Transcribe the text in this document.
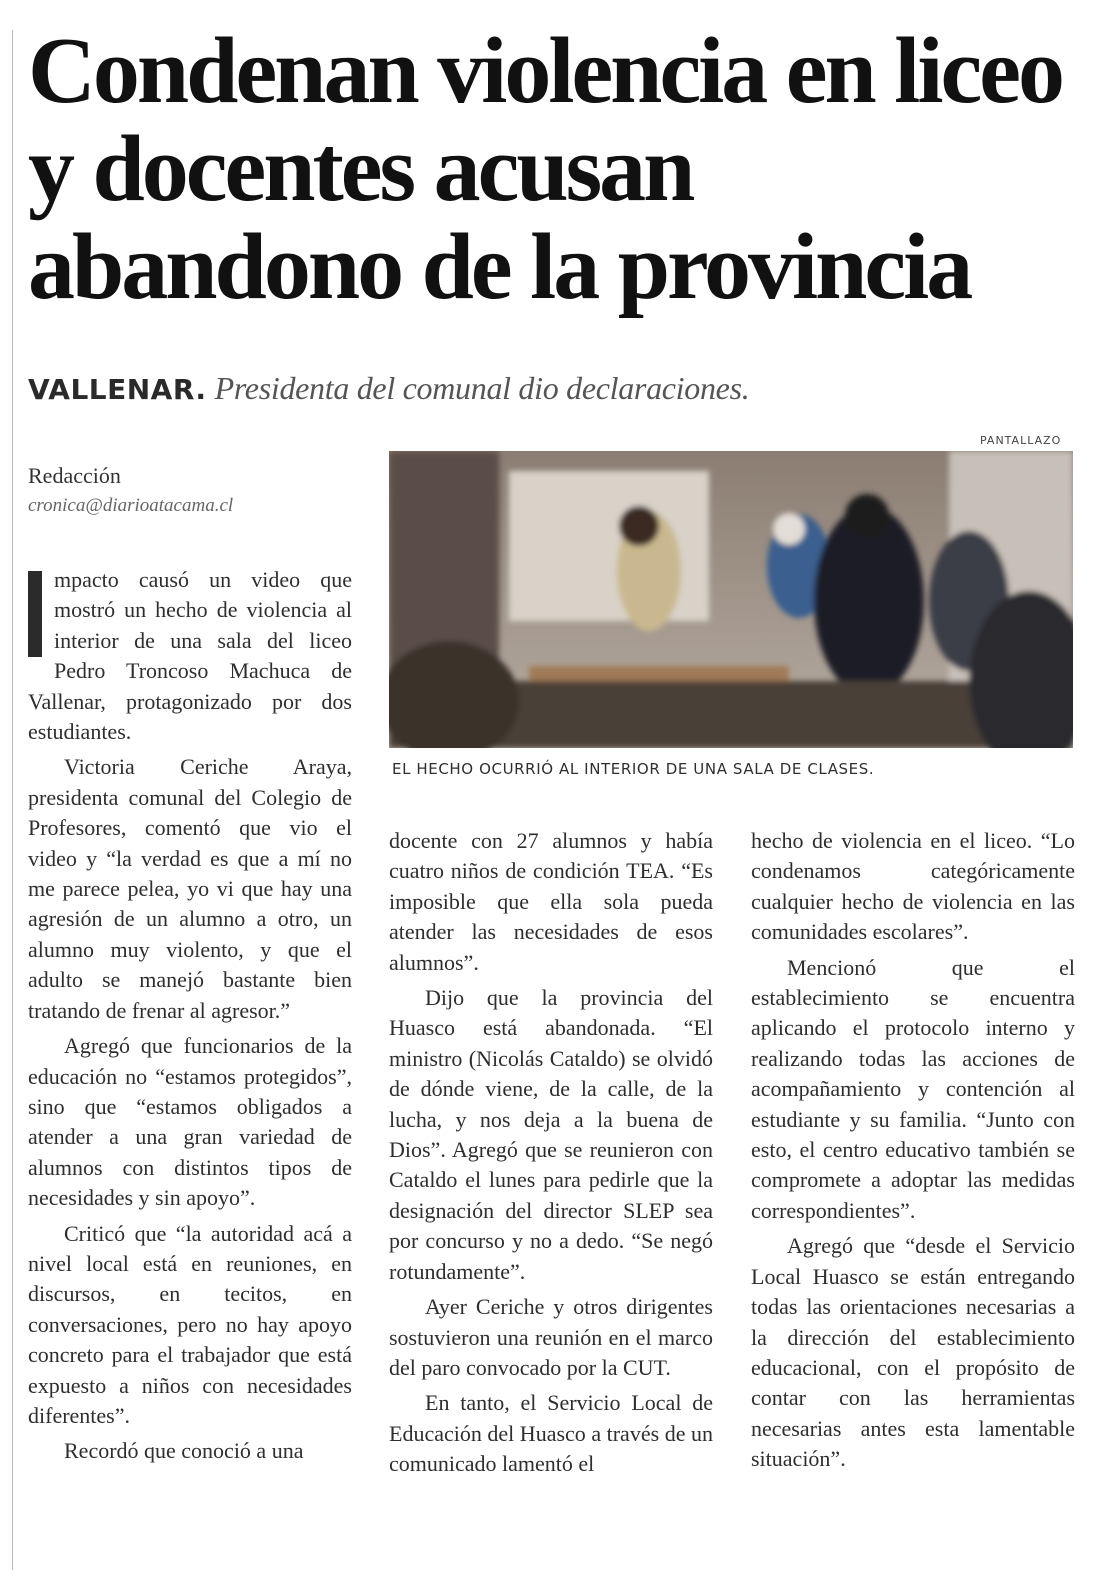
Condenan violencia en liceo y docentes acusan abandono de la provincia
VALLENAR. Presidenta del comunal dio declaraciones.
PANTALLAZO
EL HECHO OCURRIÓ AL INTERIOR DE UNA SALA DE CLASES.
Redacción
cronica@diarioatacama.cl

mpacto causó un video que mostró un hecho de violencia al interior de una sala del liceo Pedro Troncoso Machuca de Vallenar, protagonizado por dos estudiantes.

Victoria Ceriche Araya, presidenta comunal del Colegio de Profesores, comentó que vio el video y “la verdad es que a mí no me parece pelea, yo vi que hay una agresión de un alumno a otro, un alumno muy violento, y que el adulto se manejó bastante bien tratando de frenar al agresor.”

Agregó que funcionarios de la educación no “estamos protegidos”, sino que “estamos obligados a atender a una gran variedad de alumnos con distintos tipos de necesidades y sin apoyo”.

Criticó que “la autoridad acá a nivel local está en reuniones, en discursos, en tecitos, en conversaciones, pero no hay apoyo concreto para el trabajador que está expuesto a niños con necesidades diferentes”.

Recordó que conoció a una

docente con 27 alumnos y había cuatro niños de condición TEA. “Es imposible que ella sola pueda atender las necesidades de esos alumnos”.

Dijo que la provincia del Huasco está abandonada. “El ministro (Nicolás Cataldo) se olvidó de dónde viene, de la calle, de la lucha, y nos deja a la buena de Dios”. Agregó que se reunieron con Cataldo el lunes para pedirle que la designación del director SLEP sea por concurso y no a dedo. “Se negó rotundamente”.

Ayer Ceriche y otros dirigentes sostuvieron una reunión en el marco del paro convocado por la CUT.

En tanto, el Servicio Local de Educación del Huasco a través de un comunicado lamentó el

hecho de violencia en el liceo. “Lo condenamos categóricamente cualquier hecho de violencia en las comunidades escolares”.

Mencionó que el establecimiento se encuentra aplicando el protocolo interno y realizando todas las acciones de acompañamiento y contención al estudiante y su familia. “Junto con esto, el centro educativo también se compromete a adoptar las medidas correspondientes”.

Agregó que “desde el Servicio Local Huasco se están entregando todas las orientaciones necesarias a la dirección del establecimiento educacional, con el propósito de contar con las herramientas necesarias antes esta lamentable situación”.
